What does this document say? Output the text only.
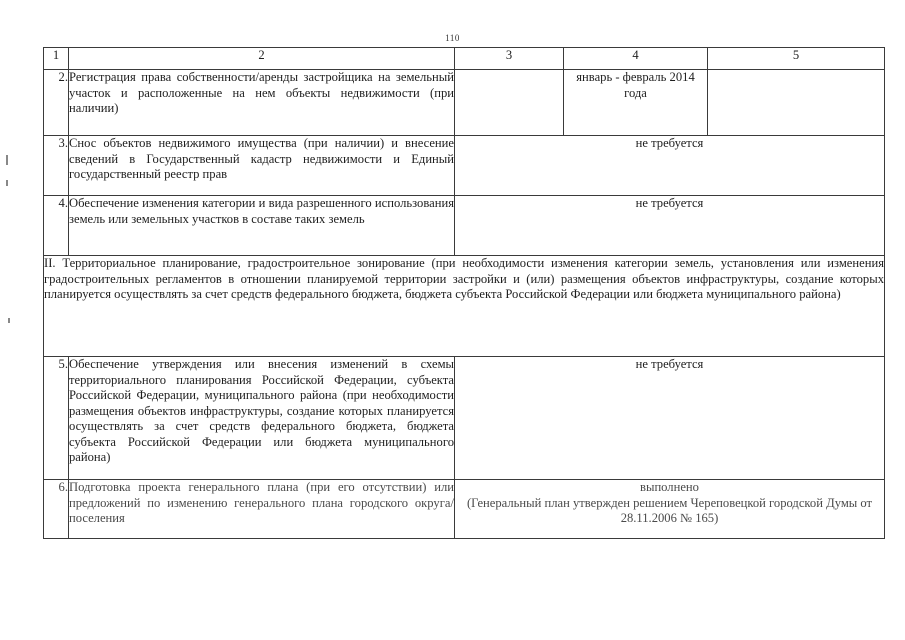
110
1	2	3	4	5
2.	Регистрация права собственности/аренды застройщика на земельный участок и расположенные на нем объекты недвижимости (при наличии)		январь - февраль 2014 года	
3.	Снос объектов недвижимого имущества (при наличии) и внесение сведений в Государственный кадастр недвижимости и Единый государственный реестр прав	не требуется		
4.	Обеспечение изменения категории и вида разрешенного использования земель или земельных участков в составе таких земель	не требуется		
II. Территориальное планирование, градостроительное зонирование (при необходимости изменения категории земель, установления или изменения градостроительных регламентов в отношении планируемой территории застройки и (или) размещения объектов инфраструктуры, создание которых планируется осуществлять за счет средств федерального бюджета, бюджета субъекта Российской Федерации или бюджета муниципального района)				
5.	Обеспечение утверждения или внесения изменений в схемы территориального планирования Российской Федерации, субъекта Российской Федерации, муниципального района (при необходимости размещения объектов инфраструктуры, создание которых планируется осуществлять за счет средств федерального бюджета, бюджета субъекта Российской Федерации или бюджета муниципального района)	не требуется		
6.	Подготовка проекта генерального плана (при его отсутствии) или предложений по изменению генерального плана городского округа/поселения	выполнено
(Генеральный план утвержден решением Череповецкой городской Думы от 28.11.2006 № 165)		
